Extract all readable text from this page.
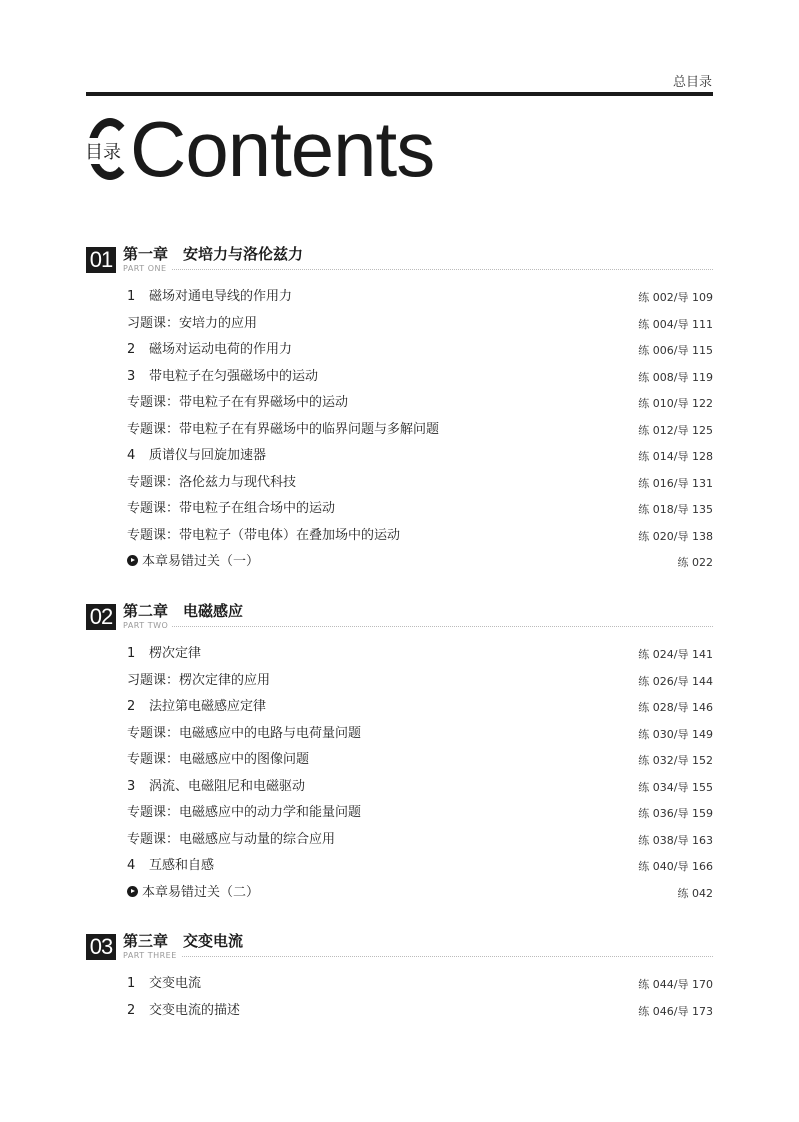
总目录
Contents
目录
01 第一章　安培力与洛伦兹力
PART ONE
1 磁场对通电导线的作用力	练 002/导 109
习题课：安培力的应用	练 004/导 111
2 磁场对运动电荷的作用力	练 006/导 115
3 带电粒子在匀强磁场中的运动	练 008/导 119
专题课：带电粒子在有界磁场中的运动	练 010/导 122
专题课：带电粒子在有界磁场中的临界问题与多解问题	练 012/导 125
4 质谱仪与回旋加速器	练 014/导 128
专题课：洛伦兹力与现代科技	练 016/导 131
专题课：带电粒子在组合场中的运动	练 018/导 135
专题课：带电粒子（带电体）在叠加场中的运动	练 020/导 138
本章易错过关（一）	练 022
02 第二章　电磁感应
PART TWO
1 楞次定律	练 024/导 141
习题课：楞次定律的应用	练 026/导 144
2 法拉第电磁感应定律	练 028/导 146
专题课：电磁感应中的电路与电荷量问题	练 030/导 149
专题课：电磁感应中的图像问题	练 032/导 152
3 涡流、电磁阻尼和电磁驱动	练 034/导 155
专题课：电磁感应中的动力学和能量问题	练 036/导 159
专题课：电磁感应与动量的综合应用	练 038/导 163
4 互感和自感	练 040/导 166
本章易错过关（二）	练 042
03 第三章　交变电流
PART THREE
1 交变电流	练 044/导 170
2 交变电流的描述	练 046/导 173
